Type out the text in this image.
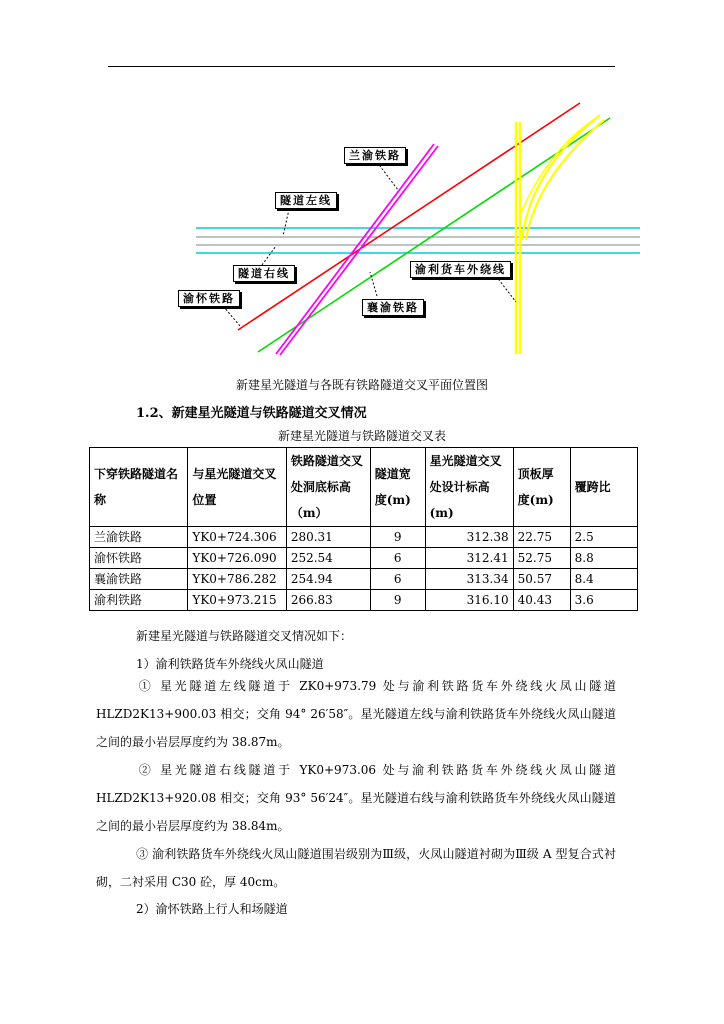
兰渝铁路
隧道左线
隧道右线
渝怀铁路
襄渝铁路
渝利货车外绕线
新建星光隧道与各既有铁路隧道交叉平面位置图
1.2、新建星光隧道与铁路隧道交叉情况
新建星光隧道与铁路隧道交叉表
下穿铁路隧道名称	与星光隧道交叉位置	铁路隧道交叉处洞底标高（m）	隧道宽度(m)	星光隧道交叉处设计标高(m)	顶板厚度(m)	覆跨比
兰渝铁路	YK0+724.306	280.31	9	312.38	22.75	2.5
渝怀铁路	YK0+726.090	252.54	6	312.41	52.75	8.8
襄渝铁路	YK0+786.282	254.94	6	313.34	50.57	8.4
渝利铁路	YK0+973.215	266.83	9	316.10	40.43	3.6
新建星光隧道与铁路隧道交叉情况如下：
1）渝利铁路货车外绕线火凤山隧道
① 星光隧道左线隧道于 ZK0+973.79 处与渝利铁路货车外绕线火凤山隧道 HLZD2K13+900.03 相交；交角 94° 26′58″。星光隧道左线与渝利铁路货车外绕线火凤山隧道之间的最小岩层厚度约为 38.87m。
② 星光隧道右线隧道于 YK0+973.06 处与渝利铁路货车外绕线火凤山隧道 HLZD2K13+920.08 相交；交角 93° 56′24″。星光隧道右线与渝利铁路货车外绕线火凤山隧道之间的最小岩层厚度约为 38.84m。
③ 渝利铁路货车外绕线火凤山隧道围岩级别为Ⅲ级，火凤山隧道衬砌为Ⅲ级 A 型复合式衬砌，二衬采用 C30 砼，厚 40cm。
2）渝怀铁路上行人和场隧道
